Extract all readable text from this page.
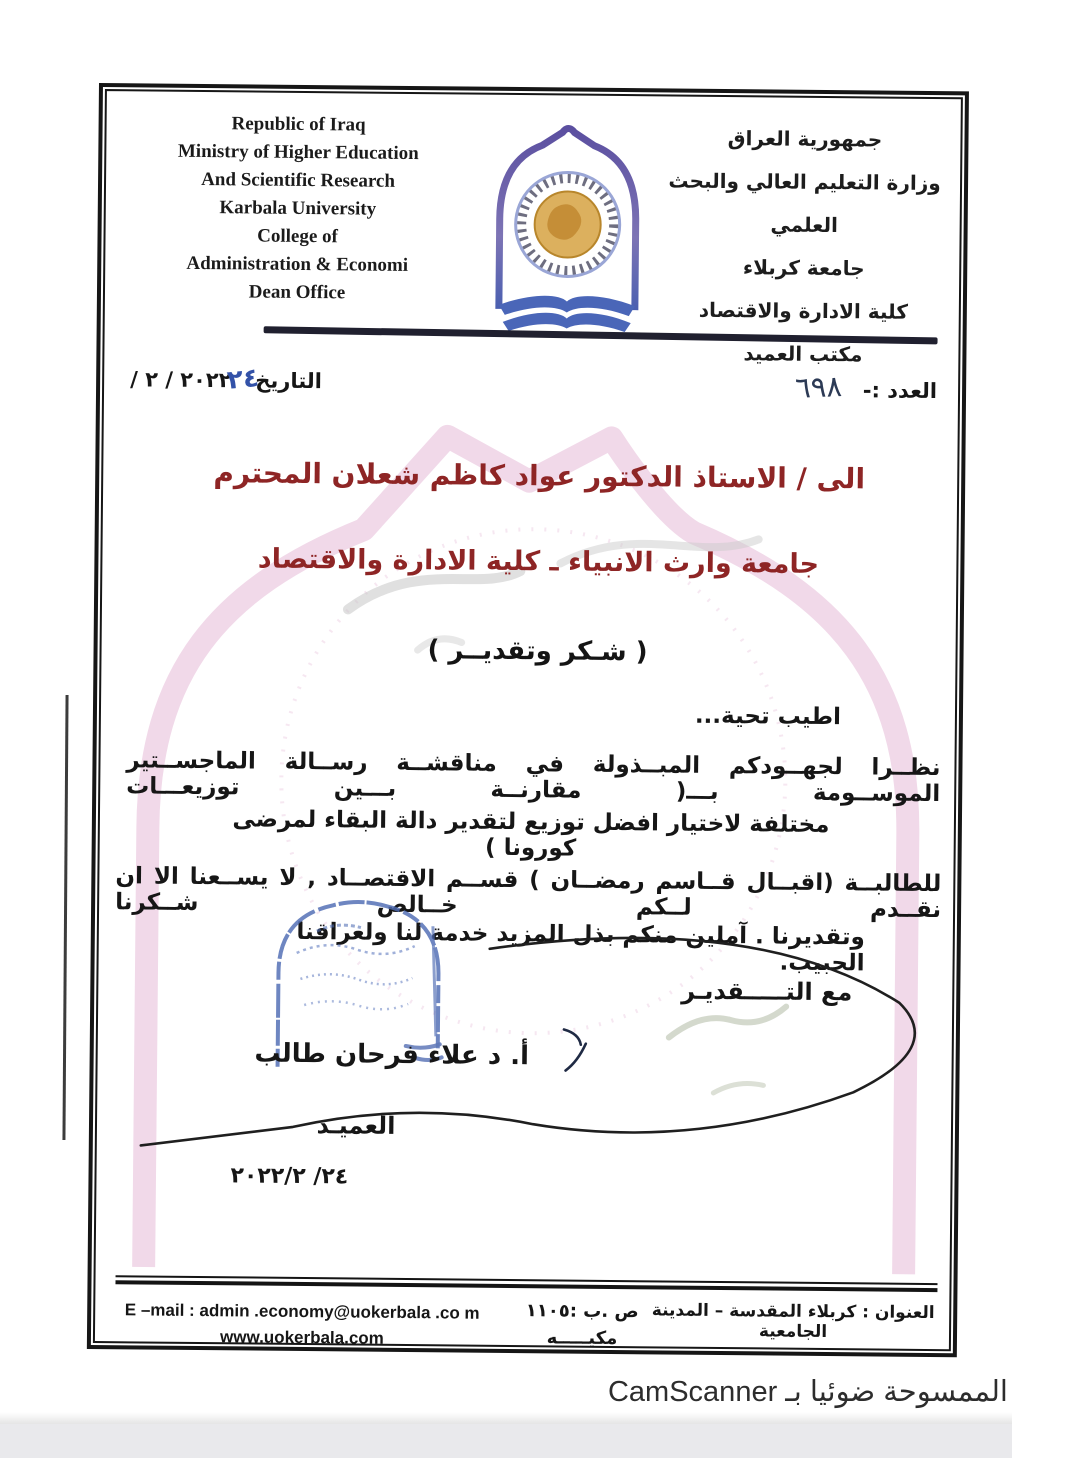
Republic of Iraq
Ministry of Higher Education
And Scientific Research
Karbala University
College of
Administration & Economi
Dean Office
جمهورية العراق
وزارة التعليم العالي والبحث العلمي
جامعة كربلاء
كلية الادارة والاقتصاد
مكتب العميد
العدد :- ٦٩٨
التاريخ٢٤/ ٢ / ٢٠٢٢
الى / الاستاذ الدكتور عواد كاظم شعلان المحترم
جامعة وارث الانبياء ـ كلية الادارة والاقتصاد
( شـكر وتقديــر )
اطيب تحية...
نظــرا لجهــودكم المبــذولة في مناقشــة رســالة الماجســتير الموســومة بـــ( مقارنــة بـــين توزيعـــات
مختلفة لاختيار افضل توزيع لتقدير دالة البقاء لمرضى كورونا )
للطالبــة (اقبــال قــاسم رمضــان ) قســم الاقتصــاد , لا يســعنا الا ان نقــدم لــكم خــالص شــكرنا
وتقديرنا . آملين منكم بذل المزيد خدمة لنا ولعراقنا الحبيب.
مع التـــــقديـر
أ. د علاء فرحان طالب
العميـد
٢٠٢٢/٢ /٢٤
العنوان : كربلاء المقدسة – المدينة الجامعية
ص .ب :١١٠٥
مكيـــــه
E –mail : admin .economy@uokerbala .co m
www.uokerbala.com
الممسوحة ضوئيا بـ CamScanner
